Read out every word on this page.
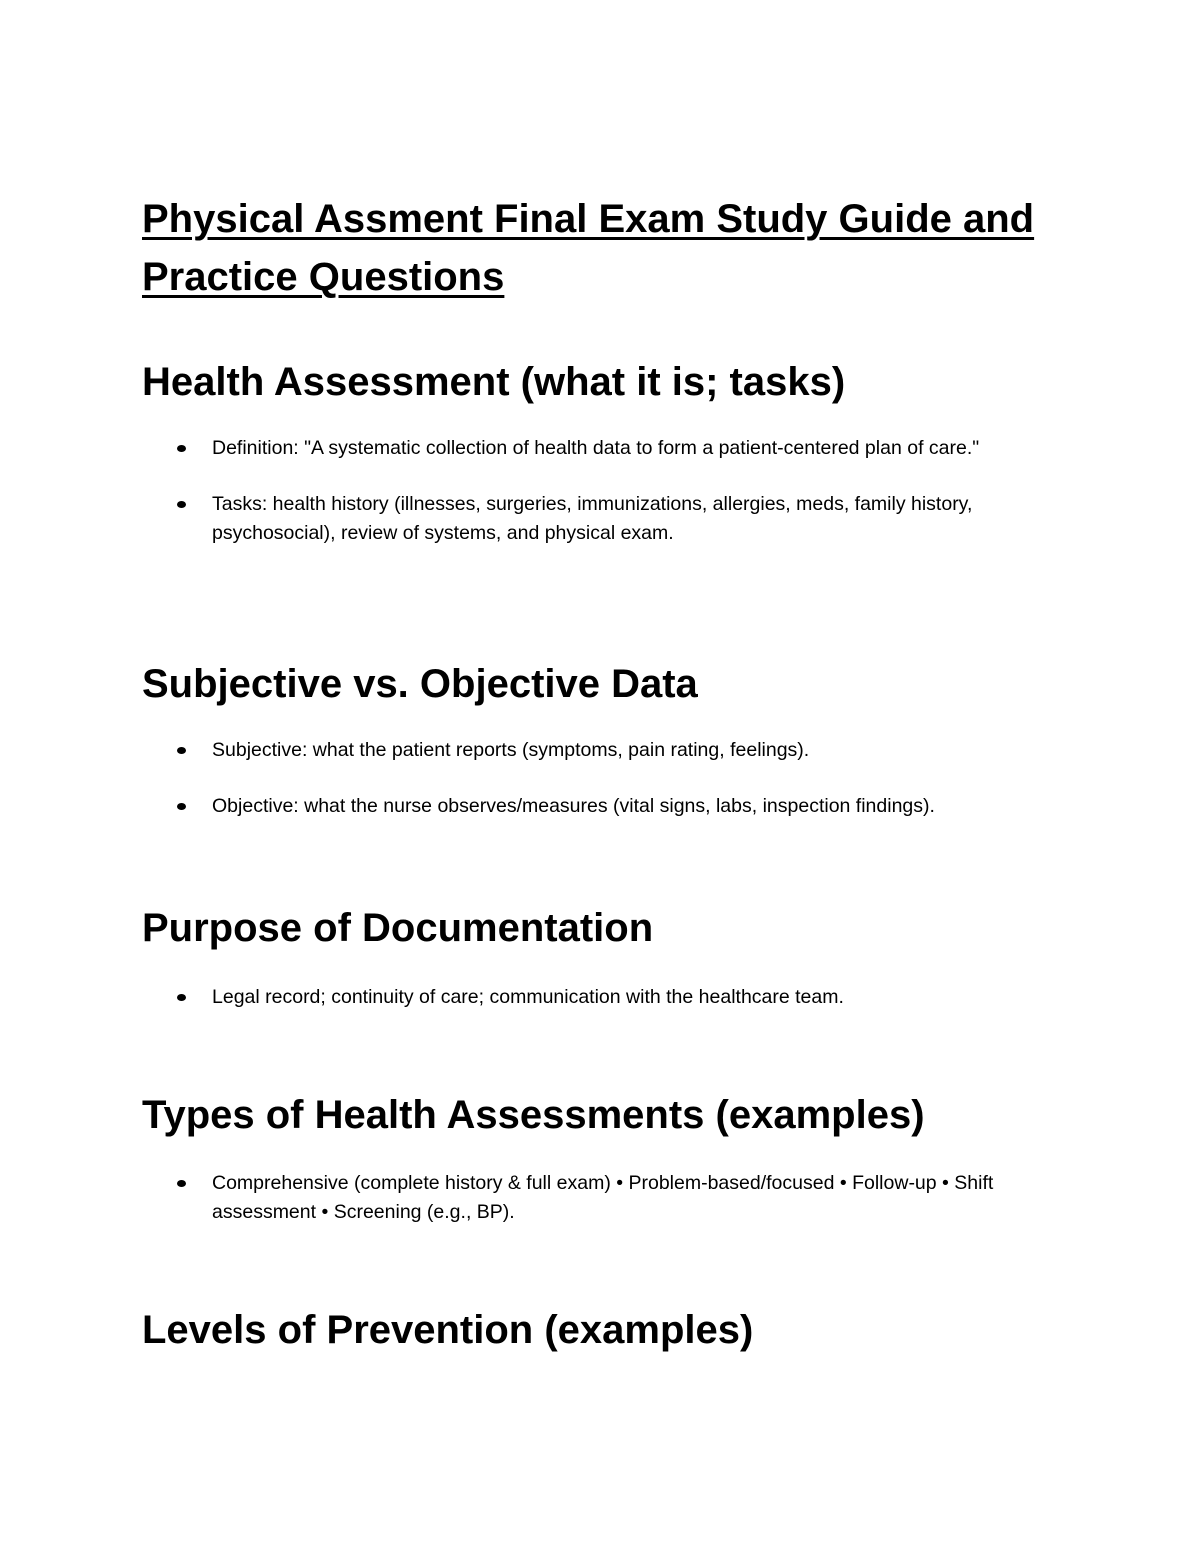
Physical Assment Final Exam Study Guide and Practice Questions
Health Assessment (what it is; tasks)
Definition: "A systematic collection of health data to form a patient-centered plan of care."
Tasks: health history (illnesses, surgeries, immunizations, allergies, meds, family history, psychosocial), review of systems, and physical exam.
Subjective vs. Objective Data
Subjective: what the patient reports (symptoms, pain rating, feelings).
Objective: what the nurse observes/measures (vital signs, labs, inspection findings).
Purpose of Documentation
Legal record; continuity of care; communication with the healthcare team.
Types of Health Assessments (examples)
Comprehensive (complete history & full exam) • Problem-based/focused • Follow-up • Shift assessment • Screening (e.g., BP).
Levels of Prevention (examples)
